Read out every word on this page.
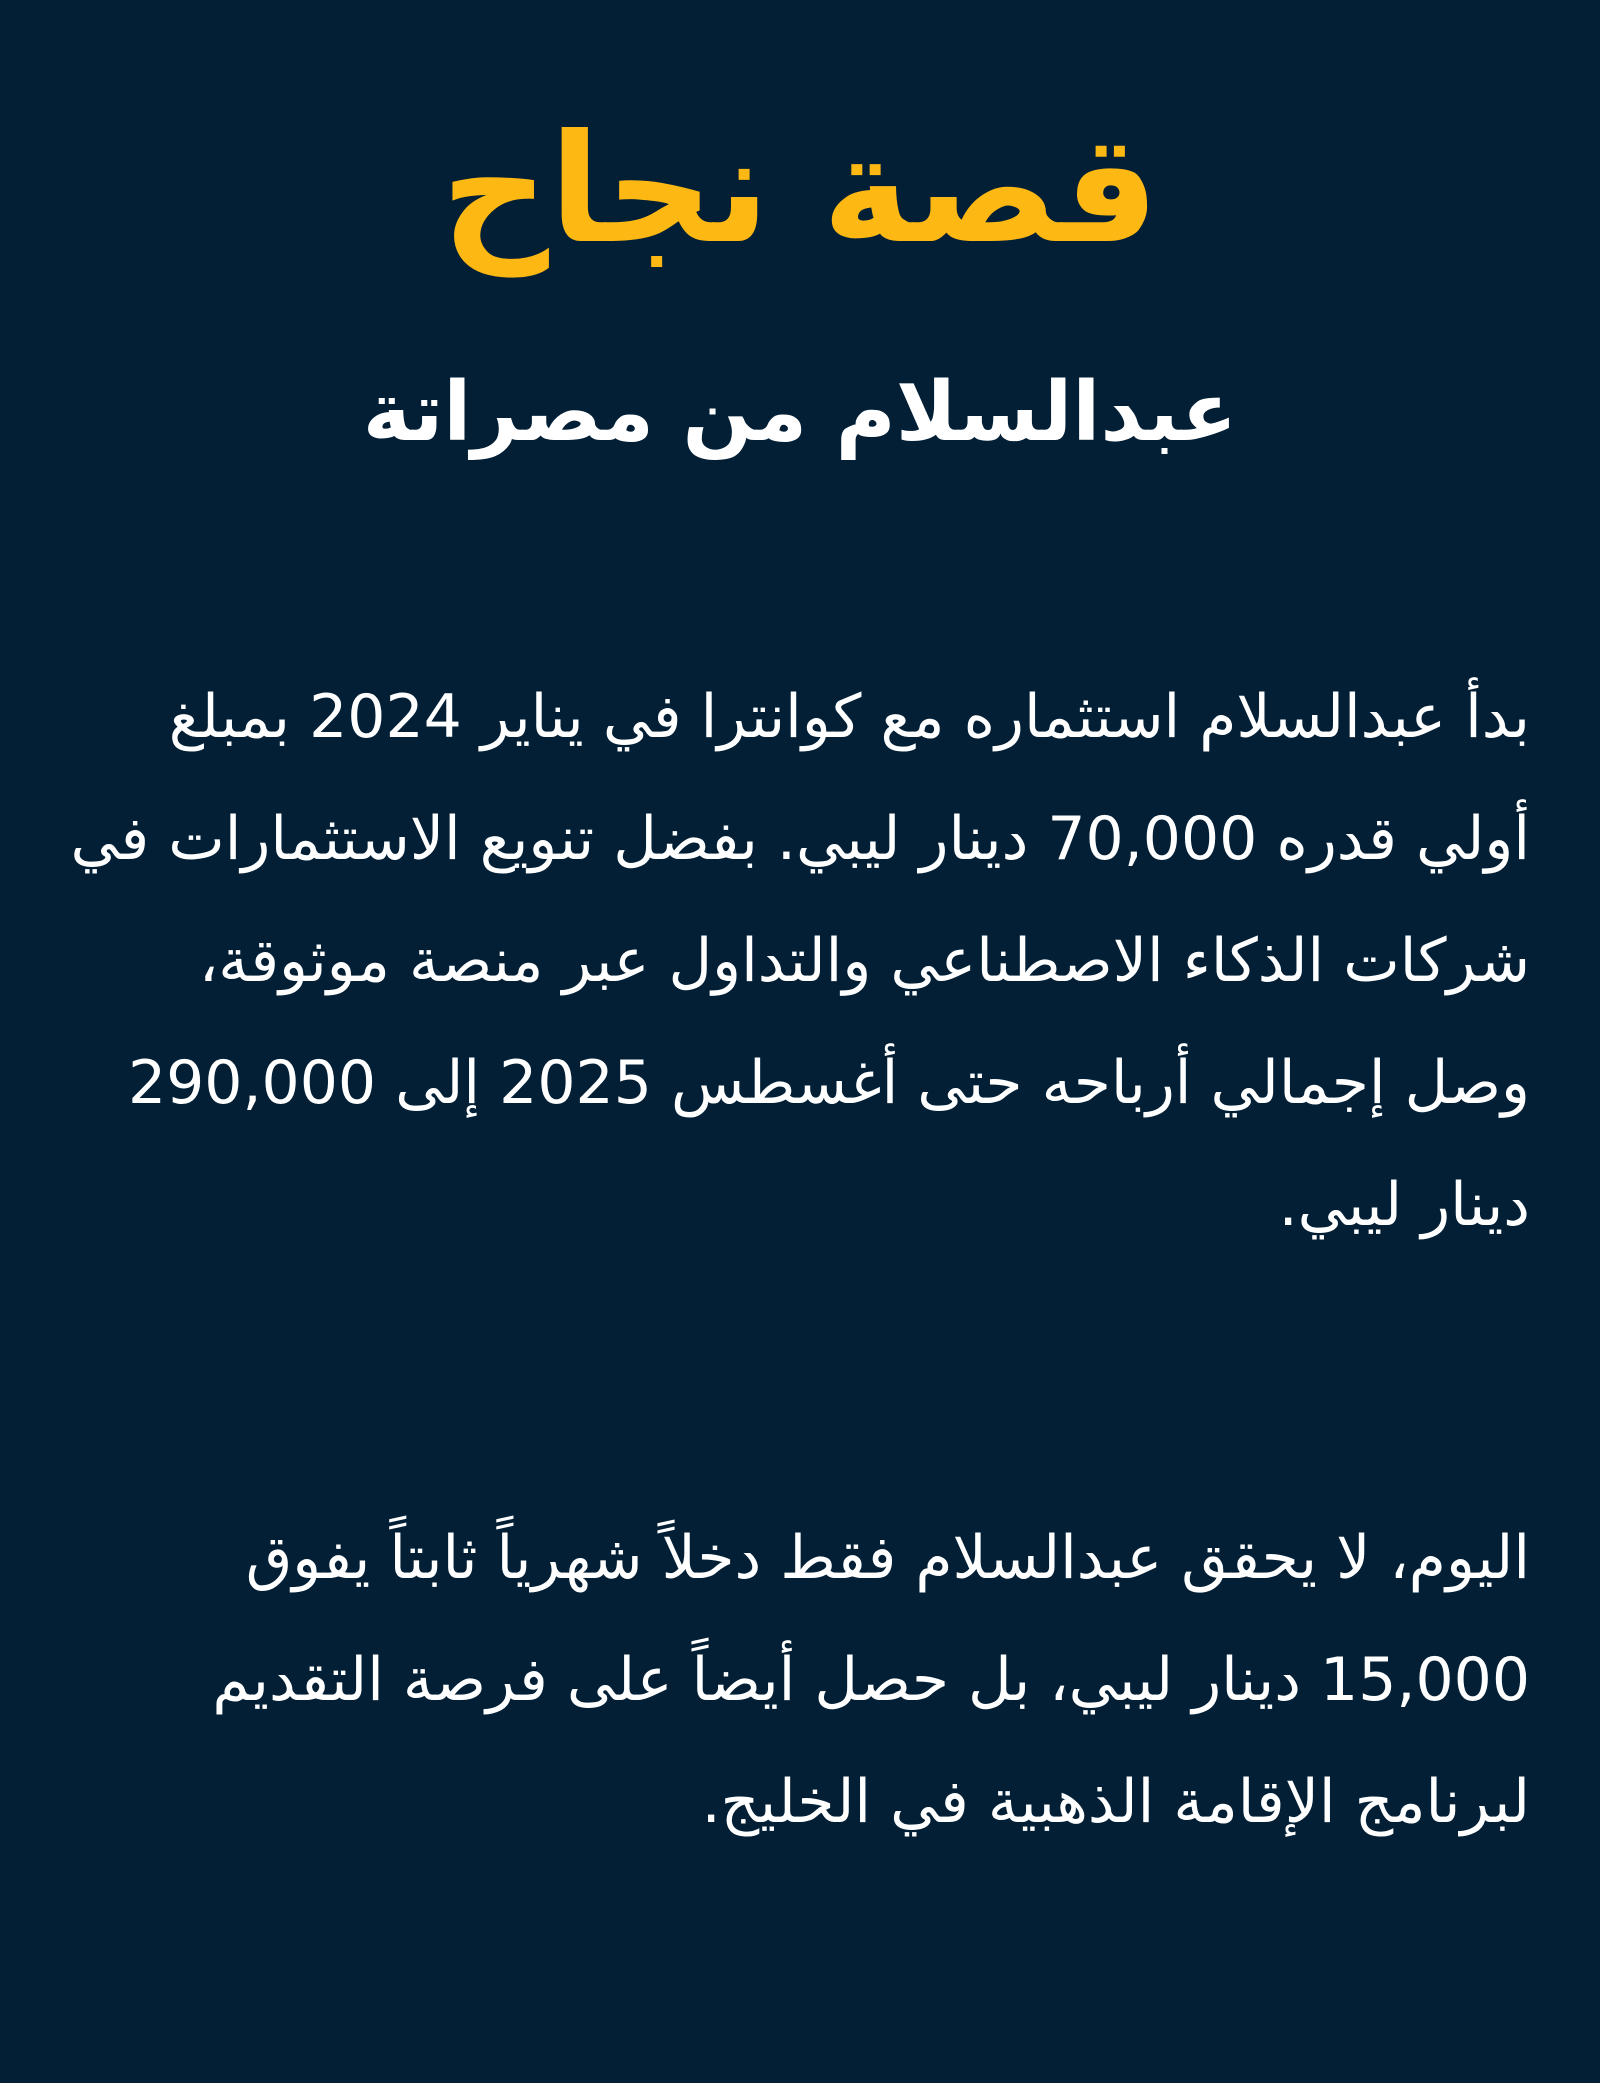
قصة نجاح
عبدالسلام من مصراتة

بدأ عبدالسلام استثماره مع كوانترا في يناير 2024 بمبلغ أولي قدره 70,000 دينار ليبي. بفضل تنويع الاستثمارات في شركات الذكاء الاصطناعي والتداول عبر منصة موثوقة، وصل إجمالي أرباحه حتى أغسطس 2025 إلى 290,000 دينار ليبي.

اليوم، لا يحقق عبدالسلام فقط دخلاً شهرياً ثابتاً يفوق 15,000 دينار ليبي، بل حصل أيضاً على فرصة التقديم لبرنامج الإقامة الذهبية في الخليج.
